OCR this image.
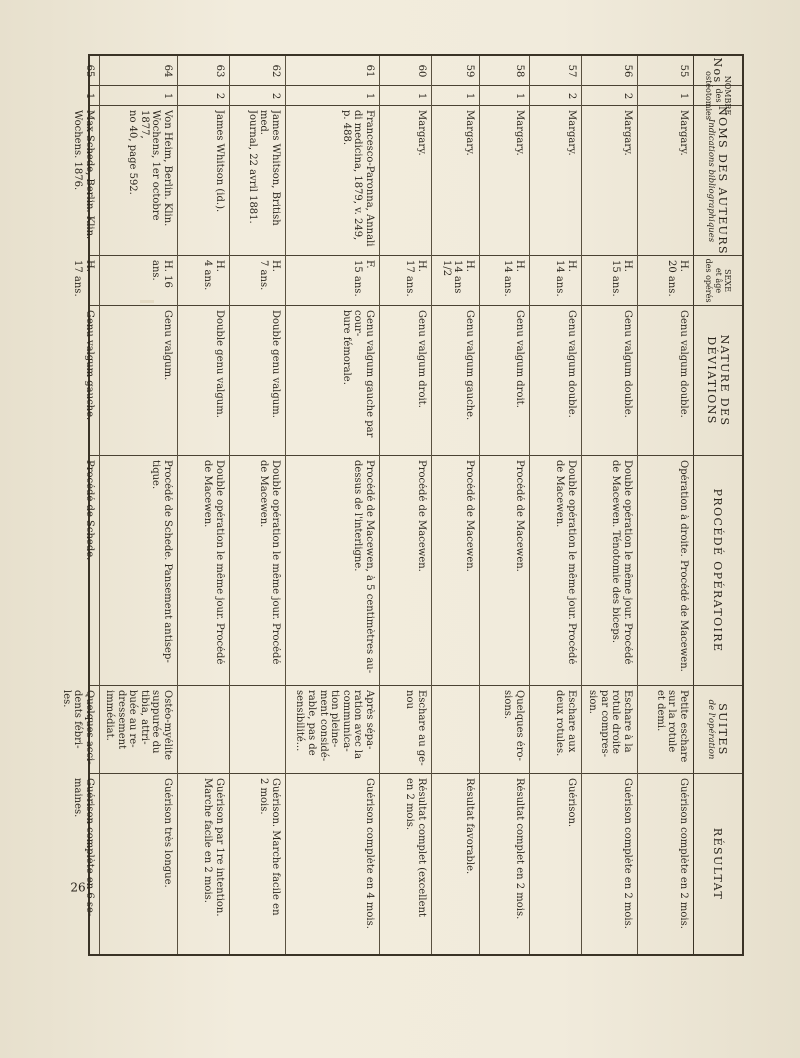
Nos
NOMBRE
des ostéotomies
NOMS DES AUTEURS
Indications bibliographiques
SEXE
et âge
des opérés
NATURE DES DÉVIATIONS
PROCÉDÉ OPÉRATOIRE
SUITES
de l'opération
RÉSULTAT
55
1
Margary.
H.
20 ans.
Genu valgum double.
Opération à droite. Procédé de Macewen.
Petite eschare
sur la rotule
et demi.
Guérison complète en 2 mois.
56
2
Margary.
H.
15 ans.
Genu valgum double.
Double opération le même jour. Procédé
de Macewen. Ténotomie des biceps.
Eschare à la
rotule droite
par compres-
sion.
Guérison complète en 2 mois.
57
2
Margary.
H.
14 ans.
Genu valgum double.
Double opération le même jour. Procédé
de Macewen.
Eschare aux
deux rotules.
Guérison.
58
1
Margary.
H.
14 ans.
Genu valgum droit.
Procédé de Macewen.
Quelques éro-
sions.
Résultat complet en 2 mois.
59
1
Margary.
H.
14 ans 1/2
Genu valgum gauche.
Procédé de Macewen.
Résultat favorable.
60
1
Margary.
H.
17 ans.
Genu valgum droit.
Procédé de Macewen.
Eschare au ge-
nou
Résultat complet (excellent
en 2 mois.
61
1
Francesco-Paronna, Annali
di medicina, 1879, v. 249,
p. 488.
F.
15 ans.
Genu valgum gauche par cour-
bure fémorale.
Procédé de Macewen, à 5 centimètres au-
dessus de l'interligne.
Après sépa-
ration avec la
communica-
tion pleine-
ment considé-
rable, pas de
sensibilité...
Guérison complète en 4 mois.
62
2
James Whitson, British med.
Journal, 22 avril 1881.
H.
7 ans.
Double genu valgum.
Double opération le même jour. Procédé
de Macewen.
Guérison. Marche facile en
2 mois.
63
2
James Whitson (id.).
H.
4 ans.
Double genu valgum.
Double opération le même jour. Procédé
de Macewen.
Guérison par 1re intention.
Marche facile en 2 mois.
64
1
Von Heim, Berlin. Klin.
Wochens, 1er octobre 1877,
no 40, page 592.
H. 16 ans.
Genu valgum.
Procédé de Schede. Pansement antisep-
tique.
Ostéo-myélite
suppurée du
tibia, attri-
buée au re-
dressement
immédiat.
Guérison très longue.
65
1
Max Schede, Berlin. Klin.
Wochens. 1876.
H.
17 ans.
Genu valgum gauche.
Procédé de Schede.
Quelques acci-
dents fébri-
les.
Guérison complète en 6 se-
maines.
26
